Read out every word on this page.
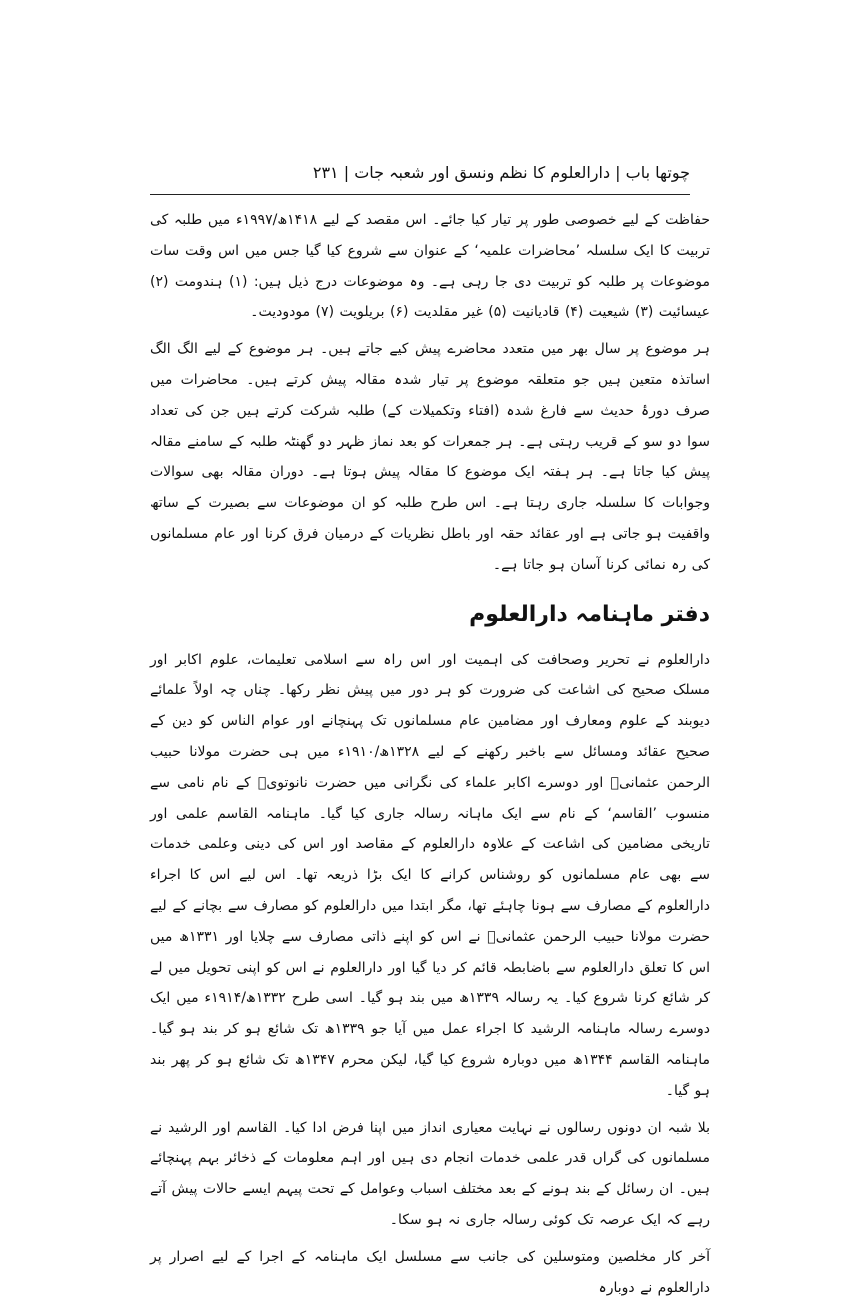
چوتھا باب | دارالعلوم کا نظم ونسق اور شعبہ جات | ۲۳۱

حفاظت کے لیے خصوصی طور پر تیار کیا جائے۔ اس مقصد کے لیے ۱۴۱۸ھ/۱۹۹۷ء میں طلبہ کی تربیت کا ایک سلسلہ ’محاضرات علمیہ‘ کے عنوان سے شروع کیا گیا جس میں اس وقت سات موضوعات پر طلبہ کو تربیت دی جا رہی ہے۔ وہ موضوعات درج ذیل ہیں: (۱) ہندومت (۲) عیسائیت (۳) شیعیت (۴) قادیانیت (۵) غیر مقلدیت (۶) بریلویت (۷) مودودیت۔

ہر موضوع پر سال بھر میں متعدد محاضرے پیش کیے جاتے ہیں۔ ہر موضوع کے لیے الگ الگ اساتذہ متعین ہیں جو متعلقہ موضوع پر تیار شدہ مقالہ پیش کرتے ہیں۔ محاضرات میں صرف دورۂ حدیث سے فارغ شدہ (افتاء وتکمیلات کے) طلبہ شرکت کرتے ہیں جن کی تعداد سوا دو سو کے قریب رہتی ہے۔ ہر جمعرات کو بعد نماز ظہر دو گھنٹہ طلبہ کے سامنے مقالہ پیش کیا جاتا ہے۔ ہر ہفتہ ایک موضوع کا مقالہ پیش ہوتا ہے۔ دوران مقالہ بھی سوالات وجوابات کا سلسلہ جاری رہتا ہے۔ اس طرح طلبہ کو ان موضوعات سے بصیرت کے ساتھ واقفیت ہو جاتی ہے اور عقائد حقہ اور باطل نظریات کے درمیان فرق کرنا اور عام مسلمانوں کی رہ نمائی کرنا آسان ہو جاتا ہے۔

دفتر ماہنامہ دارالعلوم

دارالعلوم نے تحریر وصحافت کی اہمیت اور اس راہ سے اسلامی تعلیمات، علوم اکابر اور مسلک صحیح کی اشاعت کی ضرورت کو ہر دور میں پیش نظر رکھا۔ چناں چہ اولاً علمائے دیوبند کے علوم ومعارف اور مضامین عام مسلمانوں تک پہنچانے اور عوام الناس کو دین کے صحیح عقائد ومسائل سے باخبر رکھنے کے لیے ۱۳۲۸ھ/۱۹۱۰ء میں ہی حضرت مولانا حبیب الرحمن عثمانیؒ اور دوسرے اکابر علماء کی نگرانی میں حضرت نانوتویؒ کے نام نامی سے منسوب ’القاسم‘ کے نام سے ایک ماہانہ رسالہ جاری کیا گیا۔ ماہنامہ القاسم علمی اور تاریخی مضامین کی اشاعت کے علاوہ دارالعلوم کے مقاصد اور اس کی دینی وعلمی خدمات سے بھی عام مسلمانوں کو روشناس کرانے کا ایک بڑا ذریعہ تھا۔ اس لیے اس کا اجراء دارالعلوم کے مصارف سے ہونا چاہئے تھا، مگر ابتدا میں دارالعلوم کو مصارف سے بچانے کے لیے حضرت مولانا حبیب الرحمن عثمانیؒ نے اس کو اپنے ذاتی مصارف سے چلایا اور ۱۳۳۱ھ میں اس کا تعلق دارالعلوم سے باضابطہ قائم کر دیا گیا اور دارالعلوم نے اس کو اپنی تحویل میں لے کر شائع کرنا شروع کیا۔ یہ رسالہ ۱۳۳۹ھ میں بند ہو گیا۔ اسی طرح ۱۳۳۲ھ/۱۹۱۴ء میں ایک دوسرے رسالہ ماہنامہ الرشید کا اجراء عمل میں آیا جو ۱۳۳۹ھ تک شائع ہو کر بند ہو گیا۔ ماہنامہ القاسم ۱۳۴۴ھ میں دوبارہ شروع کیا گیا، لیکن محرم ۱۳۴۷ھ تک شائع ہو کر پھر بند ہو گیا۔

بلا شبہ ان دونوں رسالوں نے نہایت معیاری انداز میں اپنا فرض ادا کیا۔ القاسم اور الرشید نے مسلمانوں کی گراں قدر علمی خدمات انجام دی ہیں اور اہم معلومات کے ذخائر بہم پہنچائے ہیں۔ ان رسائل کے بند ہونے کے بعد مختلف اسباب وعوامل کے تحت پیہم ایسے حالات پیش آتے رہے کہ ایک عرصہ تک کوئی رسالہ جاری نہ ہو سکا۔

آخر کار مخلصین ومتوسلین کی جانب سے مسلسل ایک ماہنامہ کے اجرا کے لیے اصرار پر دارالعلوم نے دوبارہ
